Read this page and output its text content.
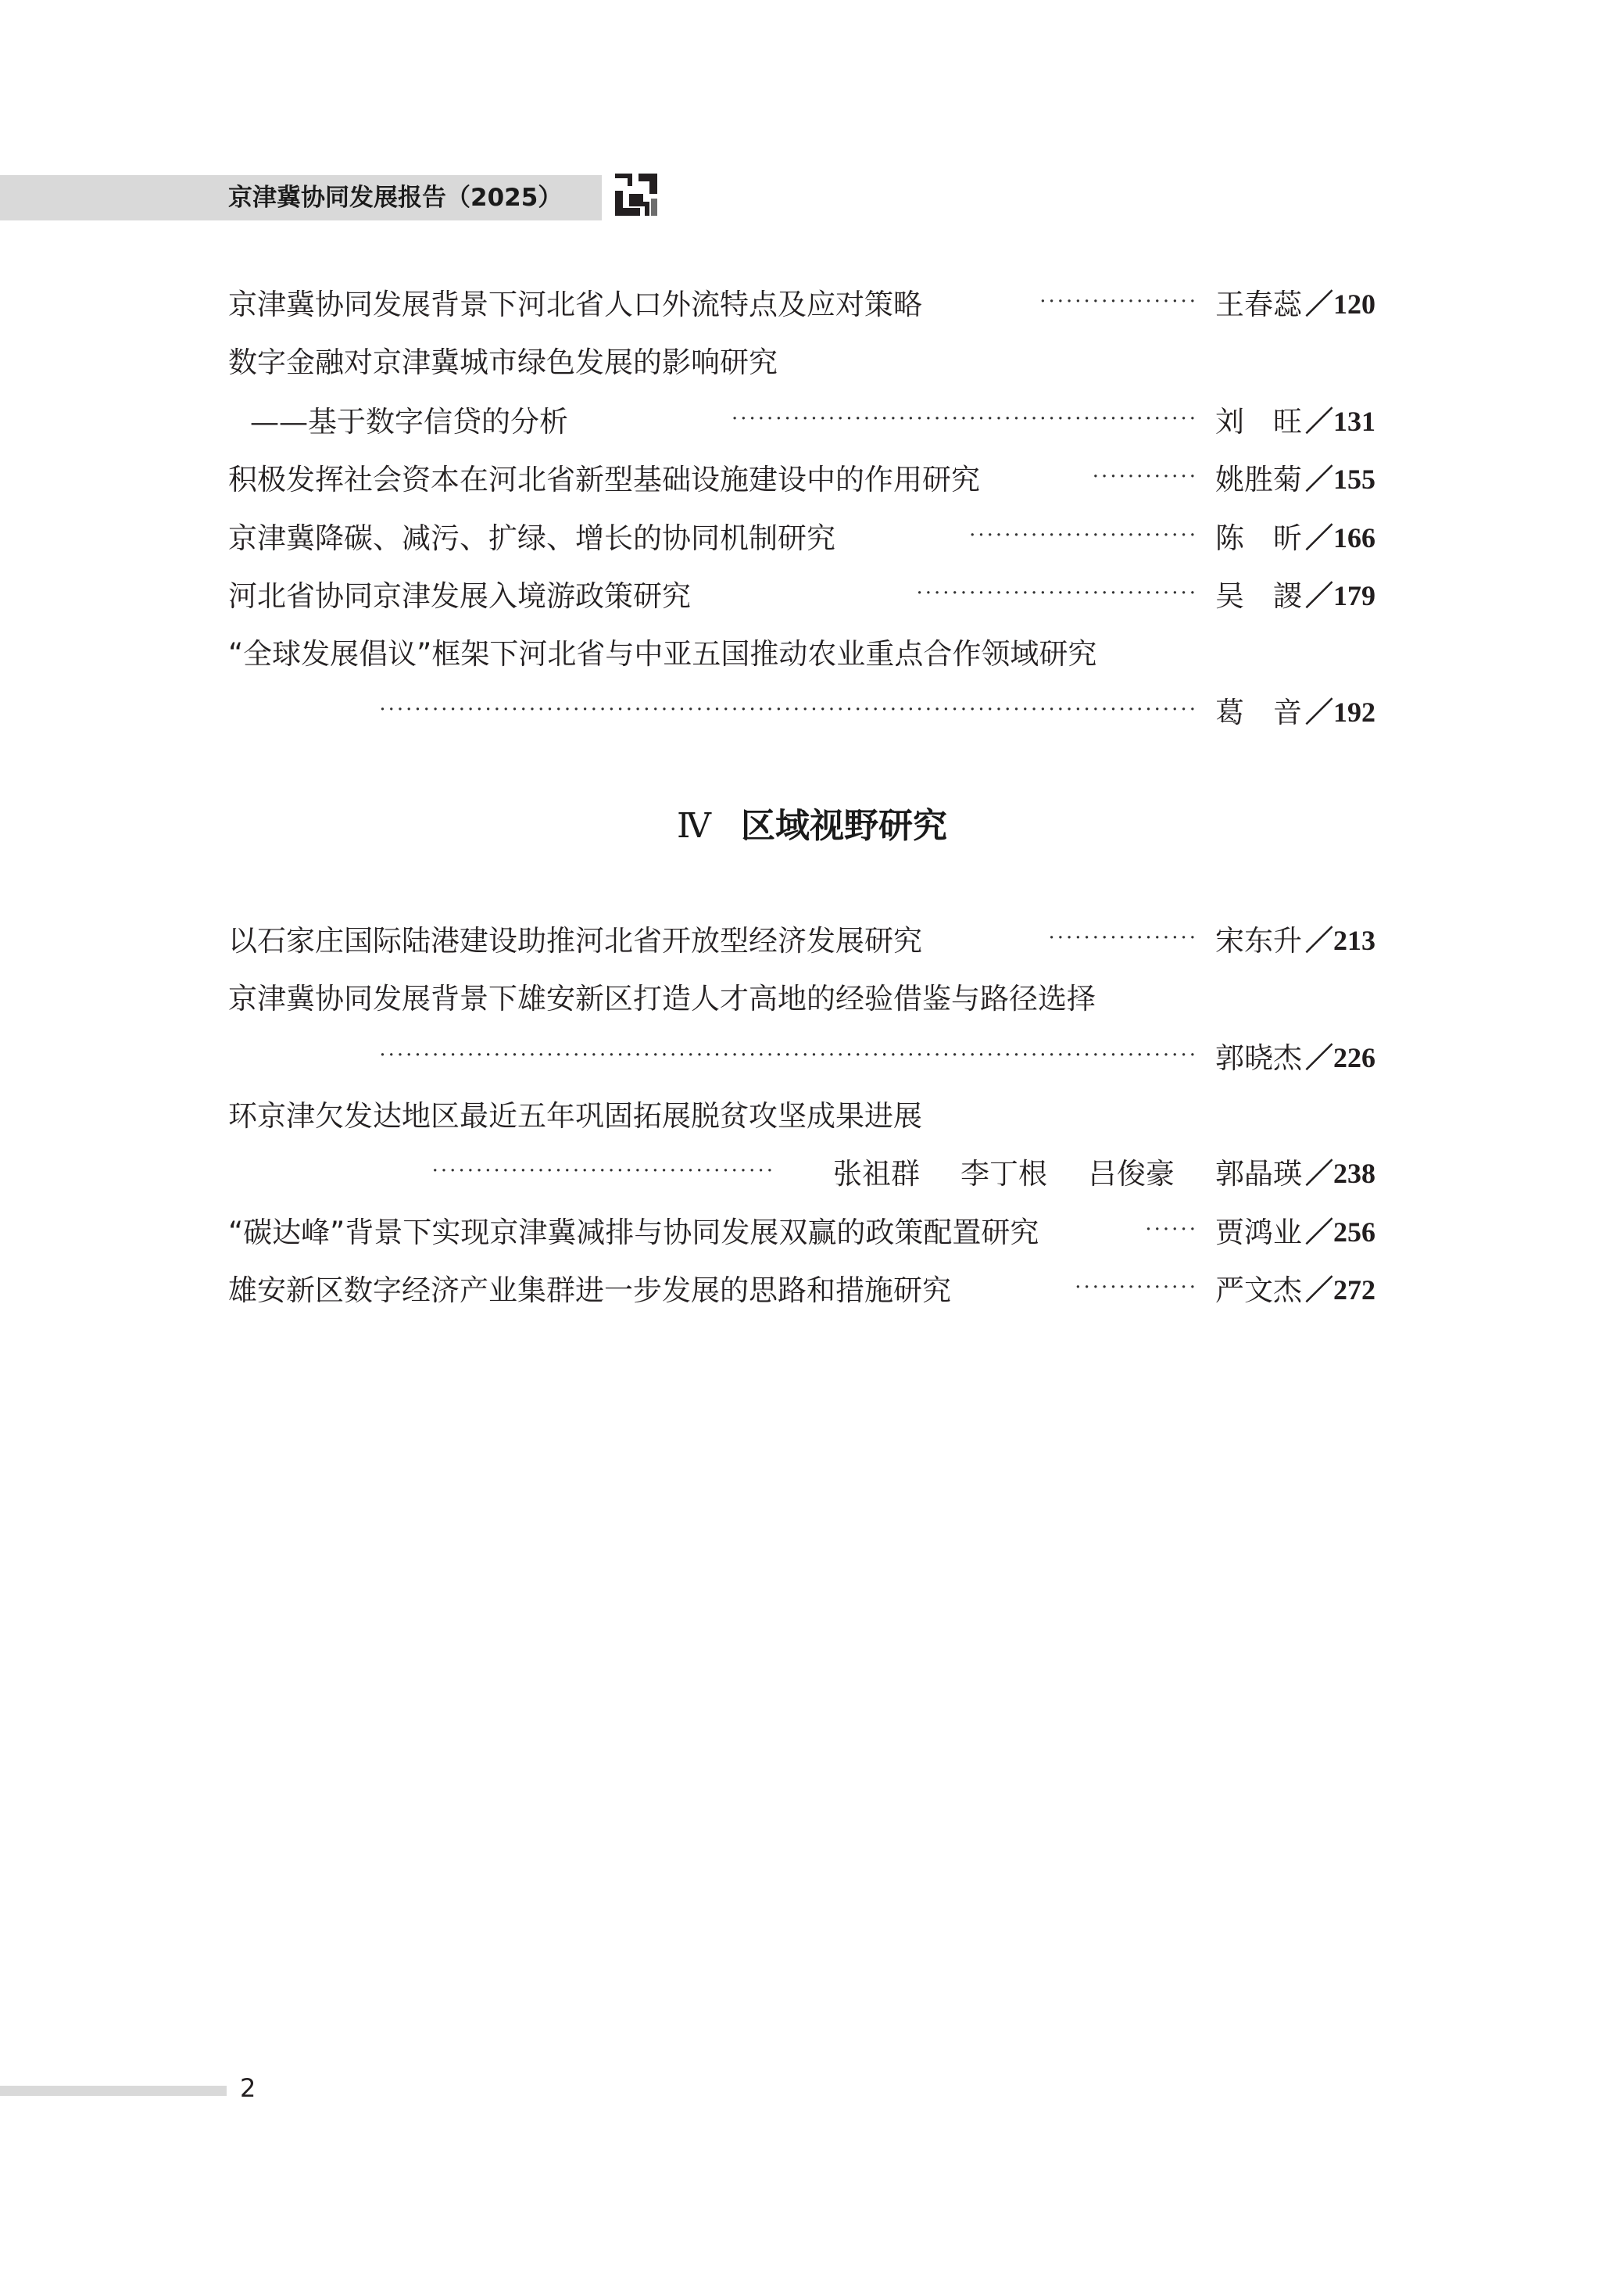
京津冀协同发展报告（2025）
京津冀协同发展背景下河北省人口外流特点及应对策略	·················· 王春蕊 ／120
数字金融对京津冀城市绿色发展的影响研究
——基于数字信贷的分析	····················································· 刘　旺 ／131
积极发挥社会资本在河北省新型基础设施建设中的作用研究	············ 姚胜菊 ／155
京津冀降碳、减污、扩绿、增长的协同机制研究	·························· 陈　昕 ／166
河北省协同京津发展入境游政策研究	································ 吴　謖 ／179
“全球发展倡议”框架下河北省与中亚五国推动农业重点合作领域研究
····························································································· 葛　音 ／192
Ⅳ 区域视野研究
以石家庄国际陆港建设助推河北省开放型经济发展研究	················· 宋东升 ／213
京津冀协同发展背景下雄安新区打造人才高地的经验借鉴与路径选择
····························································································· 郭晓杰 ／226
环京津欠发达地区最近五年巩固拓展脱贫攻坚成果进展
······································· 张祖群 李丁根 吕俊豪 郭晶瑛 ／238
“碳达峰”背景下实现京津冀减排与协同发展双赢的政策配置研究	······ 贾鸿业 ／256
雄安新区数字经济产业集群进一步发展的思路和措施研究	·············· 严文杰 ／272
2
